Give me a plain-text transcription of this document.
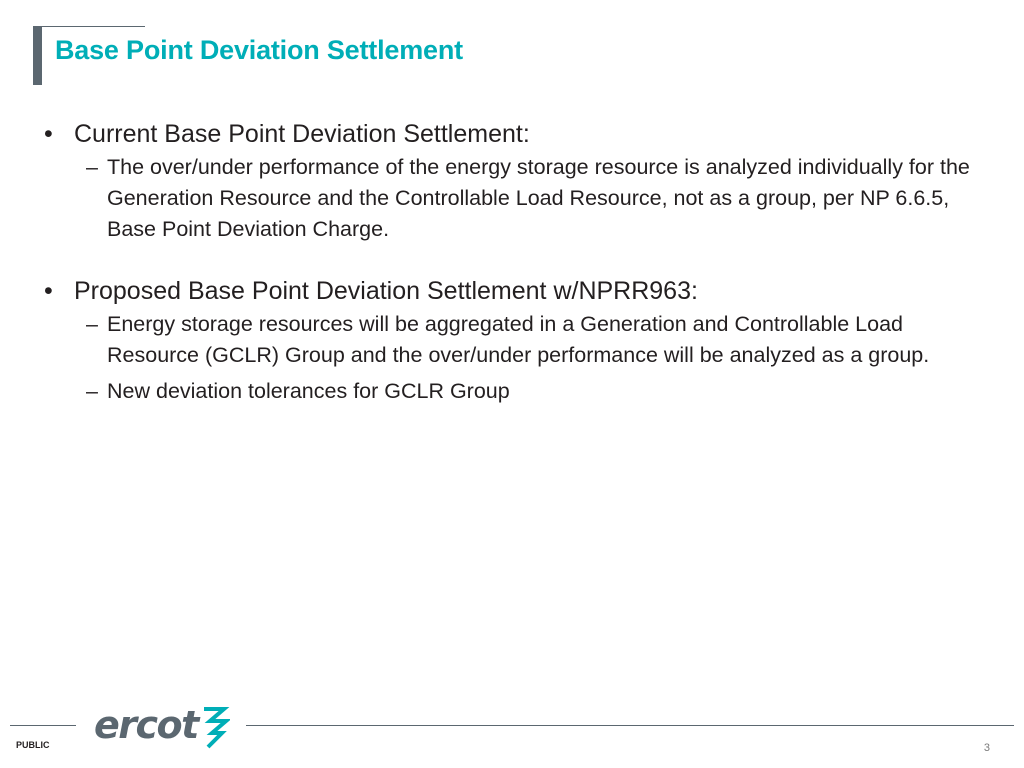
Base Point Deviation Settlement
• Current Base Point Deviation Settlement:
– The over/under performance of the energy storage resource is analyzed individually for the Generation Resource and the Controllable Load Resource, not as a group, per NP 6.6.5, Base Point Deviation Charge.
• Proposed Base Point Deviation Settlement w/NPRR963:
– Energy storage resources will be aggregated in a Generation and Controllable Load Resource (GCLR) Group and the over/under performance will be analyzed as a group.
– New deviation tolerances for GCLR Group
ercot
PUBLIC	3
